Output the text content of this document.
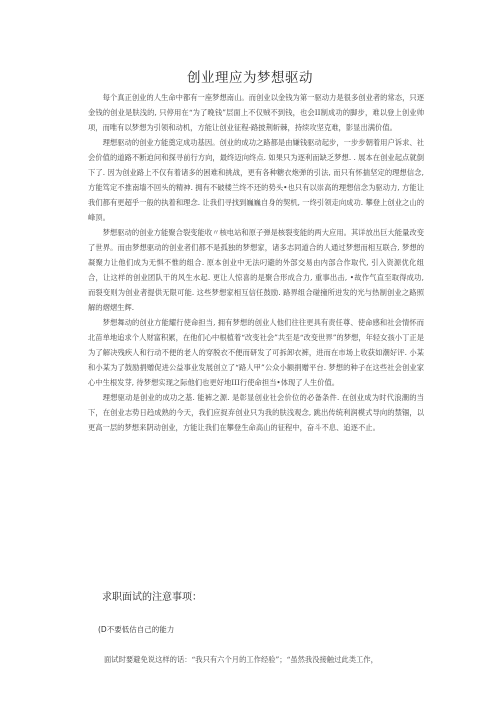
创业理应为梦想驱动

每个真正创业的人生命中都有一座梦想南山。而创业以金钱为第一驱动力是很多创业者的常态，只逐金钱的创业是肤浅的, 只停用在“为了晚钱”层面上不仅贼不到钱，也会II制成功的脚步，难以登上创业帅项，而唯有以梦想为引领和动机，方能让创业征程-路披荆斩棘，持续攻坚克难，影显出满价值。

理想驱动的创业方能奠定成功基因。创业的成功之路都是由嫌钱驱动起步，一步步朝着用户诉求、社会价值的道路不断迫问和探寻前行方向，最终迈向终点. 如果只为逐利而缺乏梦想. . 展本在创业起点就倒下了. 因为创业路上不仅有着诸多的困难和挑战，更有各种糖衣炮弹的引法, 而只有怀揣坚定的理想信念, 方能笃定不推南墙不回头的精神. 拥有不破楼兰终不还的势头•也只有以崇高的理想信念为驱动力, 方能让我们都有更超乎一般的执着和理念. 让我们寻找到巍巍自身的契机, 一终引领走向成功. 攀登上创业之山的峰顶。

梦想驱动的创业方能聚合裂变能收〃核电站和原子弹是核裂变能的两大应用。其详放出巨大能量改变了世界。而由梦想驱动的创业者们都不是孤独的梦想家，诸多志同道合的人通过梦想而相互联合, 梦想的凝聚力让他们成为无惧不惟的组合. 原本创业中无法叼避的外部交易由内部合作取代, 引入资源优化组合，让这样的创业团队干的风生水起. 更让人惊喜的是聚合形成合力, 重事出击, •故作气直至取得成功, 而裂变则为创业者提供无限可能. 这些梦想家相互信任鼓励. 路界组合碰撞所迸发的光与热制创业之路照解的熠熠生辉.

梦想舞动的创业方能耀行使命担当, 拥有梦想的创业人他们往往更具有责任尊、使命感和社会情怀而北苗单地追求个人财富积累，在他们心中根植着“改变社会”共至是“改变世界”的梦想，年轻女孩小丁正是为了解决残疾人和行动不便的老人的穿脱衣不便而研发了可拆卸衣裤，进而在市场上收获如潮好评. 小某和小某为了鼓励捐赠促进公益事业发展创立了“路人甲”公众小额捐赠平台. 梦想的种子在这些社会创业家心中生根发芽, 待梦想实现之际他们也更好地III行使命担当•体现了人生价值。

理想驱动是创业的成功之基. 能裤之源. 是彰显创业社会价位的必备条件. 在创业成为时代浪潮的当下，在创业志势日趋成熟的今天，我们应捉弃创业只为我的肤浅观念, 跳出传统利润模式导向的禁锢，以更高一层的梦想来阴动创业，方能让我们在攀登生命高山的征程中，奋斗不息、追逐不止。

求职面试的注意事项：
(D不要低估自己的能力
面试时要避免说这样的话：“我只有六个月的工作经验”；“虽然我没接触过此类工作，
